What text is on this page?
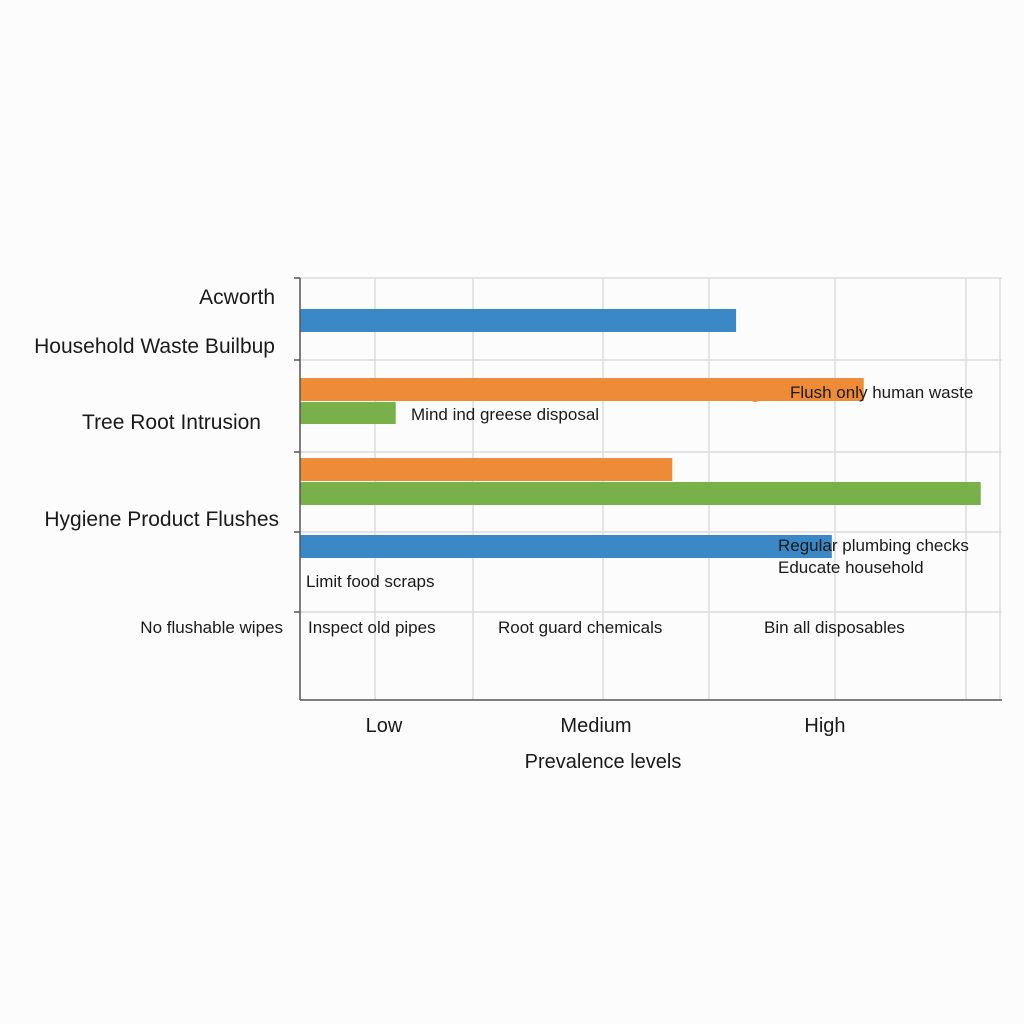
Acworth
Household Waste Builbup
Tree Root Intrusion
Hygiene Product Flushes
No flushable wipes
High
High
Mind ind greese disposal
Marietta
High
High
Flush only human waste
Regular plumbing checks
Educate household
Limit food scraps
Inspect old pipes	Root guard chemicals	Bin all disposables
Low	Medium	High
Prevalence levels
